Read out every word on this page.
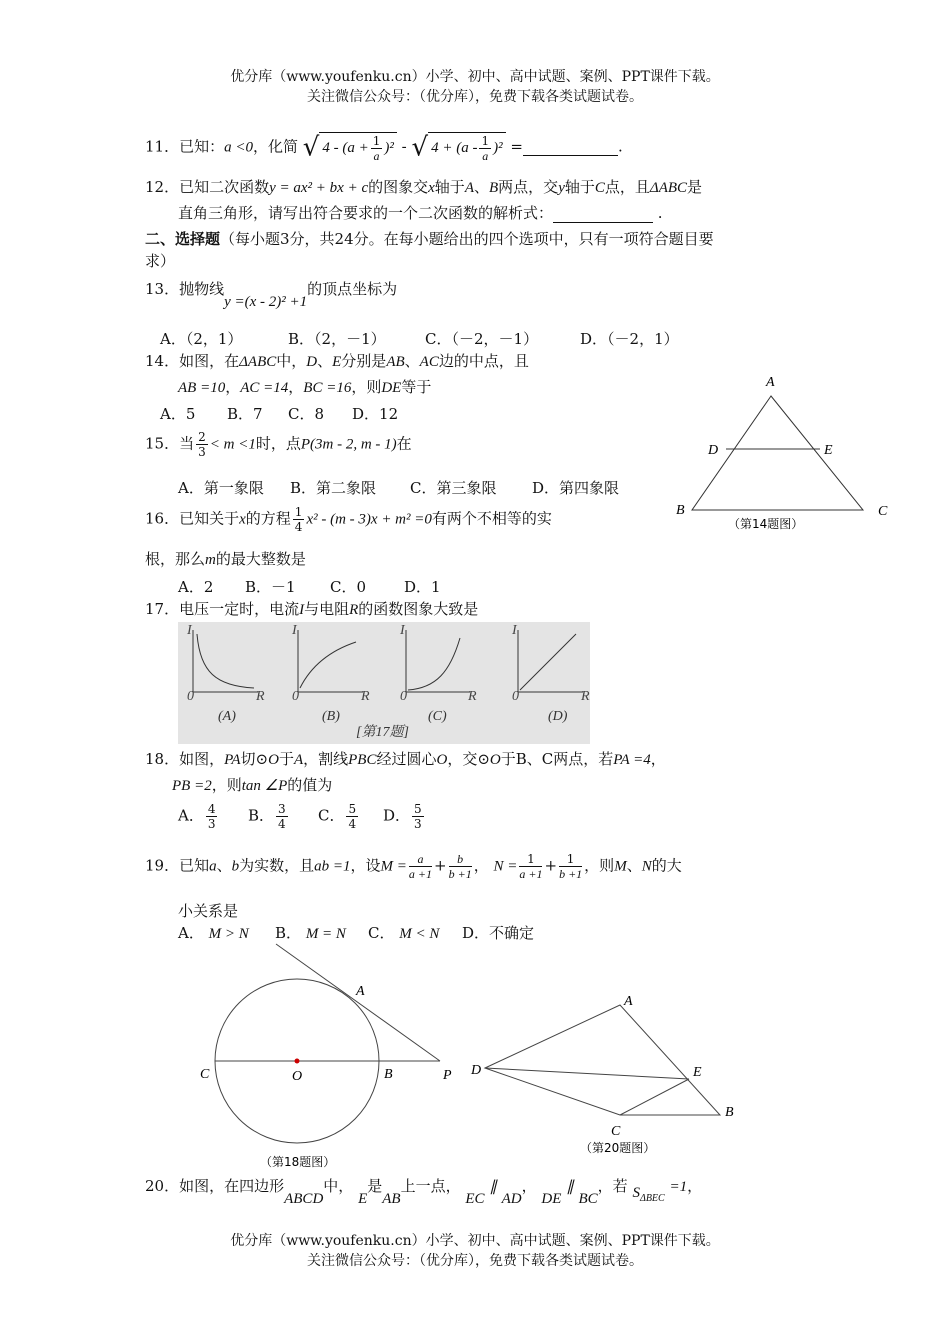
优分库（www.youfenku.cn）小学、初中、高中试题、案例、PPT课件下载。
关注微信公众号：（优分库），免费下载各类试题试卷。
11．已知：a <0，化简 √ $4 - (a + \frac{1}{a} )^2$ - √ $4 + (a - \frac{1}{a} )^2$ =	.
12．已知二次函数y = ax² + bx + c的图象交x轴于A、B两点，交y轴于C点，且ΔABC是
直角三角形，请写出符合要求的一个二次函数的解析式：	.
二、选择题（每小题3分，共24分。在每小题给出的四个选项中，只有一项符合题目要
求）
13．抛物线y =(x - 2)² +1的顶点坐标为
A．（2，1）	B．（2，－1）	C．（－2，－1）	D．（－2，1）
14．如图，在ΔABC中，D、E分别是AB、AC边的中点，且
AB =10，AC =14，BC =16，则DE等于
A．5 B．7 C．8 D．12
A
D	E
B	C
（第14题图）
15．当 $\frac{2}{3} < m <1$时，点P(3m - 2, m - 1)在
A．第一象限 B．第二象限 C．第三象限 D．第四象限
16．已知关于x的方程 $\frac{1}{4} x^2 - (m - 3)x + m^2 =0$有两个不相等的实
根，那么m的最大整数是
A．2 B．－1 C．0	D．1
17．电压一定时，电流I与电阻R的函数图象大致是
I	I	I	I
R	R	R	R
0	0	0	0
(A)	(B)	(C)	(D)
[第17题]
18．如图，PA切⊙O于A，割线PBC经过圆心O，交⊙O于B、C两点，若PA =4，
PB =2，则tan ∠P的值为
A． $\frac{4}{3}$ B． $\frac{3}{4}$ C． $\frac{5}{4}$ D． $\frac{5}{3}$
19．已知a、b为实数，且ab =1，设$M = \frac{a}{a +1} + \frac{b}{b +1}$ ， $N = \frac{1}{a +1} + \frac{1}{b +1}$ ，则M、N的大
小关系是
A． M > N B． M = N C． M < N D．不确定
A
C	O	B	P
（第18题图）
A
D	E
B
C
（第20题图）
20．如图，在四边形ABCD中， E是AB上一点， EC ∥ AD， DE ∥ BC，若 $S_{\Delta BEC} =1$，
优分库（www.youfenku.cn）小学、初中、高中试题、案例、PPT课件下载。
关注微信公众号：（优分库），免费下载各类试题试卷。
